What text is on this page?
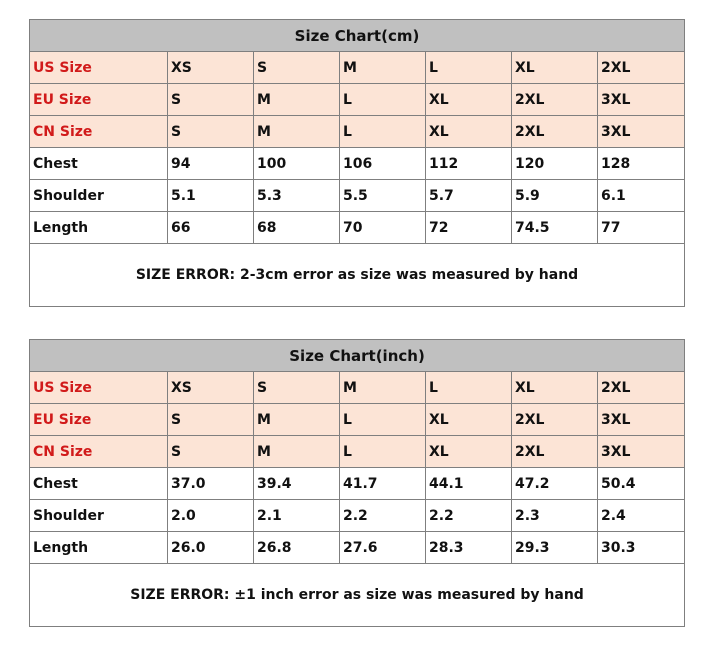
Size Chart(cm)						
US Size	XS	S	M	L	XL	2XL
EU Size	S	M	L	XL	2XL	3XL
CN Size	S	M	L	XL	2XL	3XL
Chest	94	100	106	112	120	128
Shoulder	5.1	5.3	5.5	5.7	5.9	6.1
Length	66	68	70	72	74.5	77
SIZE ERROR: 2-3cm error as size was measured by hand						
Size Chart(inch)						
US Size	XS	S	M	L	XL	2XL
EU Size	S	M	L	XL	2XL	3XL
CN Size	S	M	L	XL	2XL	3XL
Chest	37.0	39.4	41.7	44.1	47.2	50.4
Shoulder	2.0	2.1	2.2	2.2	2.3	2.4
Length	26.0	26.8	27.6	28.3	29.3	30.3
SIZE ERROR: ±1 inch error as size was measured by hand						
